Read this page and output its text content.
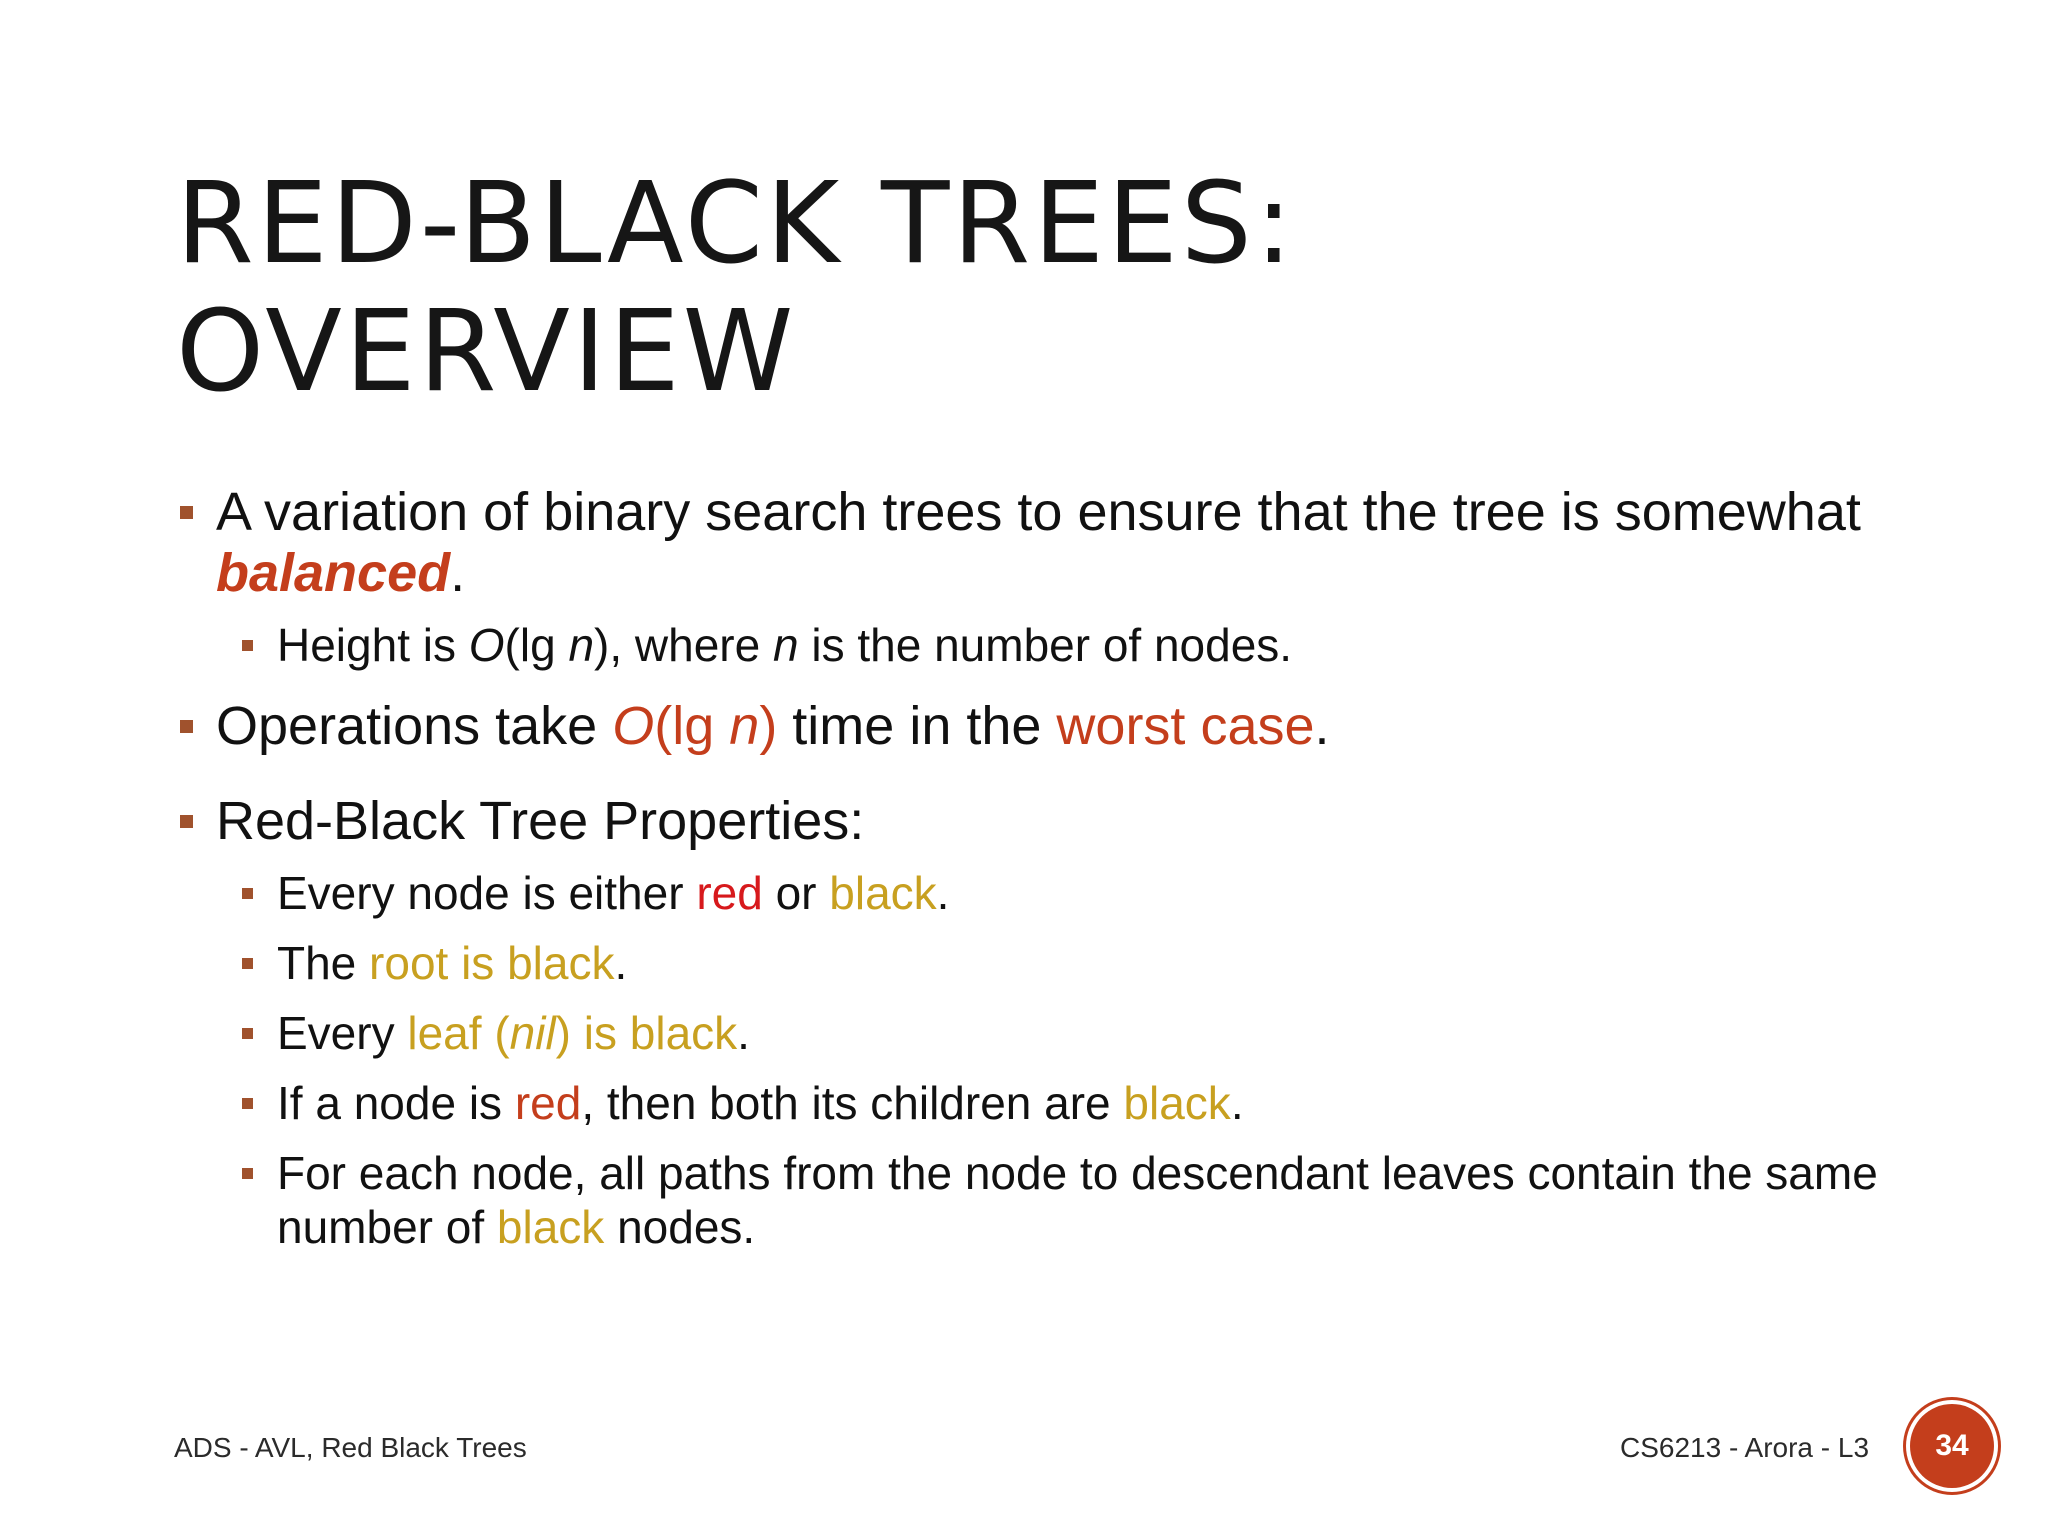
RED-BLACK TREES:
OVERVIEW
A variation of binary search trees to ensure that the tree is somewhat balanced.
Height is O(lg n), where n is the number of nodes.
Operations take O(lg n) time in the worst case.
Red-Black Tree Properties:
Every node is either red or black.
The root is black.
Every leaf (nil) is black.
If a node is red, then both its children are black.
For each node, all paths from the node to descendant leaves contain the same number of black nodes.
ADS - AVL, Red Black Trees	CS6213 - Arora - L3	34
